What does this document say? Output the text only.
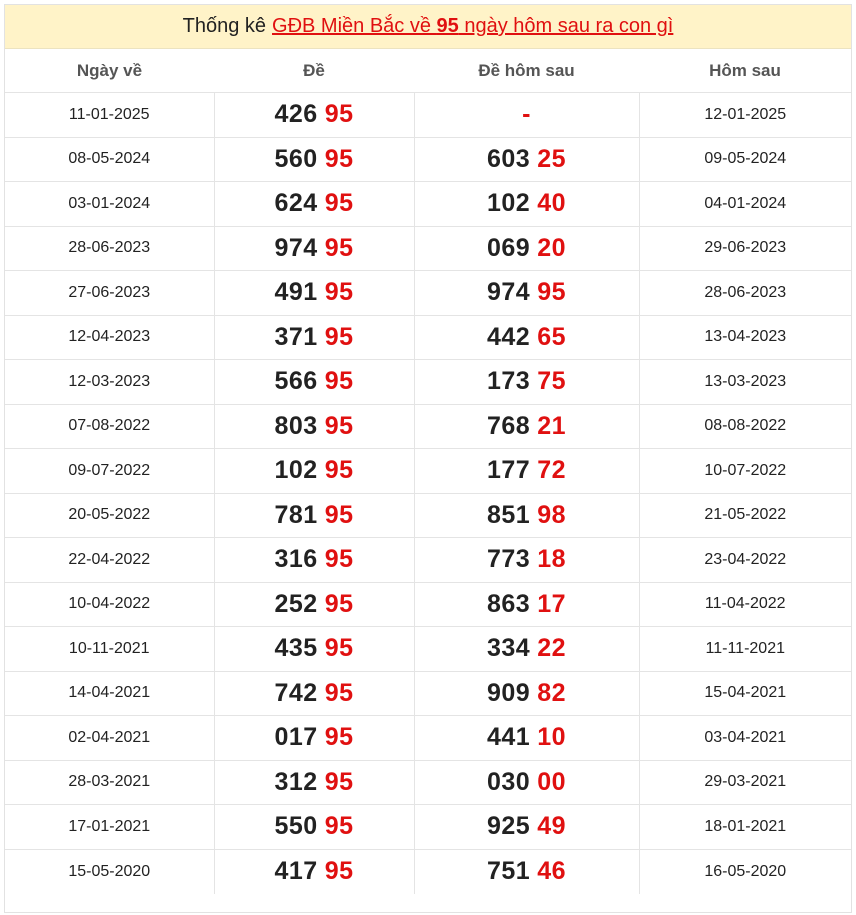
Thống kê GĐB Miền Bắc về 95 ngày hôm sau ra con gì
Ngày về	Đề	Đề hôm sau	Hôm sau
11-01-2025	426 95	-	12-01-2025
08-05-2024	560 95	603 25	09-05-2024
03-01-2024	624 95	102 40	04-01-2024
28-06-2023	974 95	069 20	29-06-2023
27-06-2023	491 95	974 95	28-06-2023
12-04-2023	371 95	442 65	13-04-2023
12-03-2023	566 95	173 75	13-03-2023
07-08-2022	803 95	768 21	08-08-2022
09-07-2022	102 95	177 72	10-07-2022
20-05-2022	781 95	851 98	21-05-2022
22-04-2022	316 95	773 18	23-04-2022
10-04-2022	252 95	863 17	11-04-2022
10-11-2021	435 95	334 22	11-11-2021
14-04-2021	742 95	909 82	15-04-2021
02-04-2021	017 95	441 10	03-04-2021
28-03-2021	312 95	030 00	29-03-2021
17-01-2021	550 95	925 49	18-01-2021
15-05-2020	417 95	751 46	16-05-2020
